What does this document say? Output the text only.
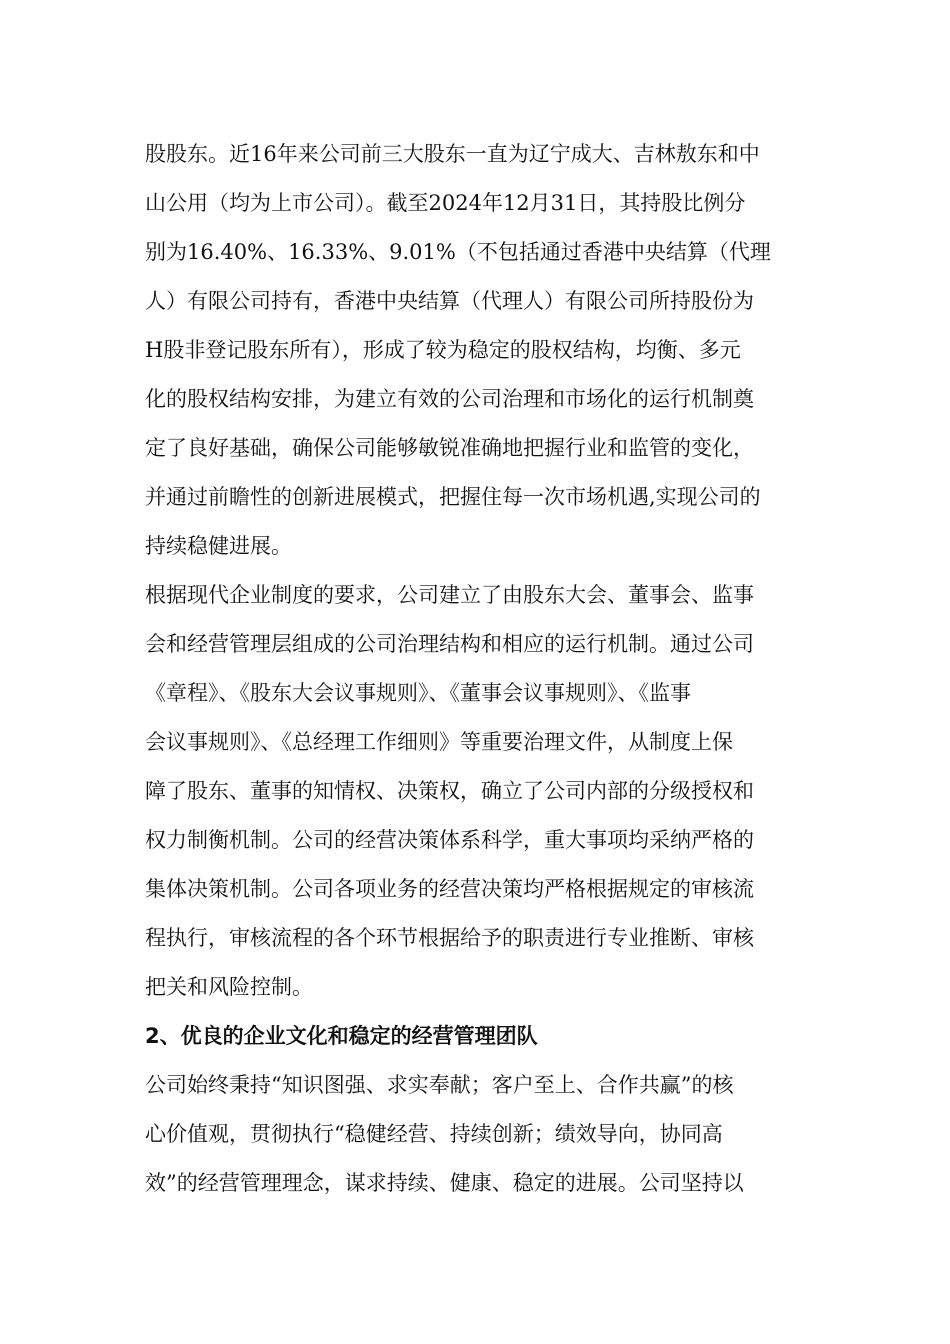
股股东。近16年来公司前三大股东一直为辽宁成大、吉林敖东和中
山公用（均为上市公司）。截至2024年12月31日，其持股比例分
别为16.40%、16.33%、9.01%（不包括通过香港中央结算（代理
人）有限公司持有，香港中央结算（代理人）有限公司所持股份为
H股非登记股东所有），形成了较为稳定的股权结构，均衡、多元
化的股权结构安排，为建立有效的公司治理和市场化的运行机制奠
定了良好基础，确保公司能够敏锐准确地把握行业和监管的变化，
并通过前瞻性的创新进展模式，把握住每一次市场机遇,实现公司的
持续稳健进展。
根据现代企业制度的要求，公司建立了由股东大会、董事会、监事
会和经营管理层组成的公司治理结构和相应的运行机制。通过公司
《章程》、《股东大会议事规则》、《董事会议事规则》、《监事
会议事规则》、《总经理工作细则》等重要治理文件，从制度上保
障了股东、董事的知情权、决策权，确立了公司内部的分级授权和
权力制衡机制。公司的经营决策体系科学，重大事项均采纳严格的
集体决策机制。公司各项业务的经营决策均严格根据规定的审核流
程执行，审核流程的各个环节根据给予的职责进行专业推断、审核
把关和风险控制。
2、优良的企业文化和稳定的经营管理团队
公司始终秉持“知识图强、求实奉献；客户至上、合作共赢”的核
心价值观，贯彻执行“稳健经营、持续创新；绩效导向，协同高
效”的经营管理理念，谋求持续、健康、稳定的进展。公司坚持以
